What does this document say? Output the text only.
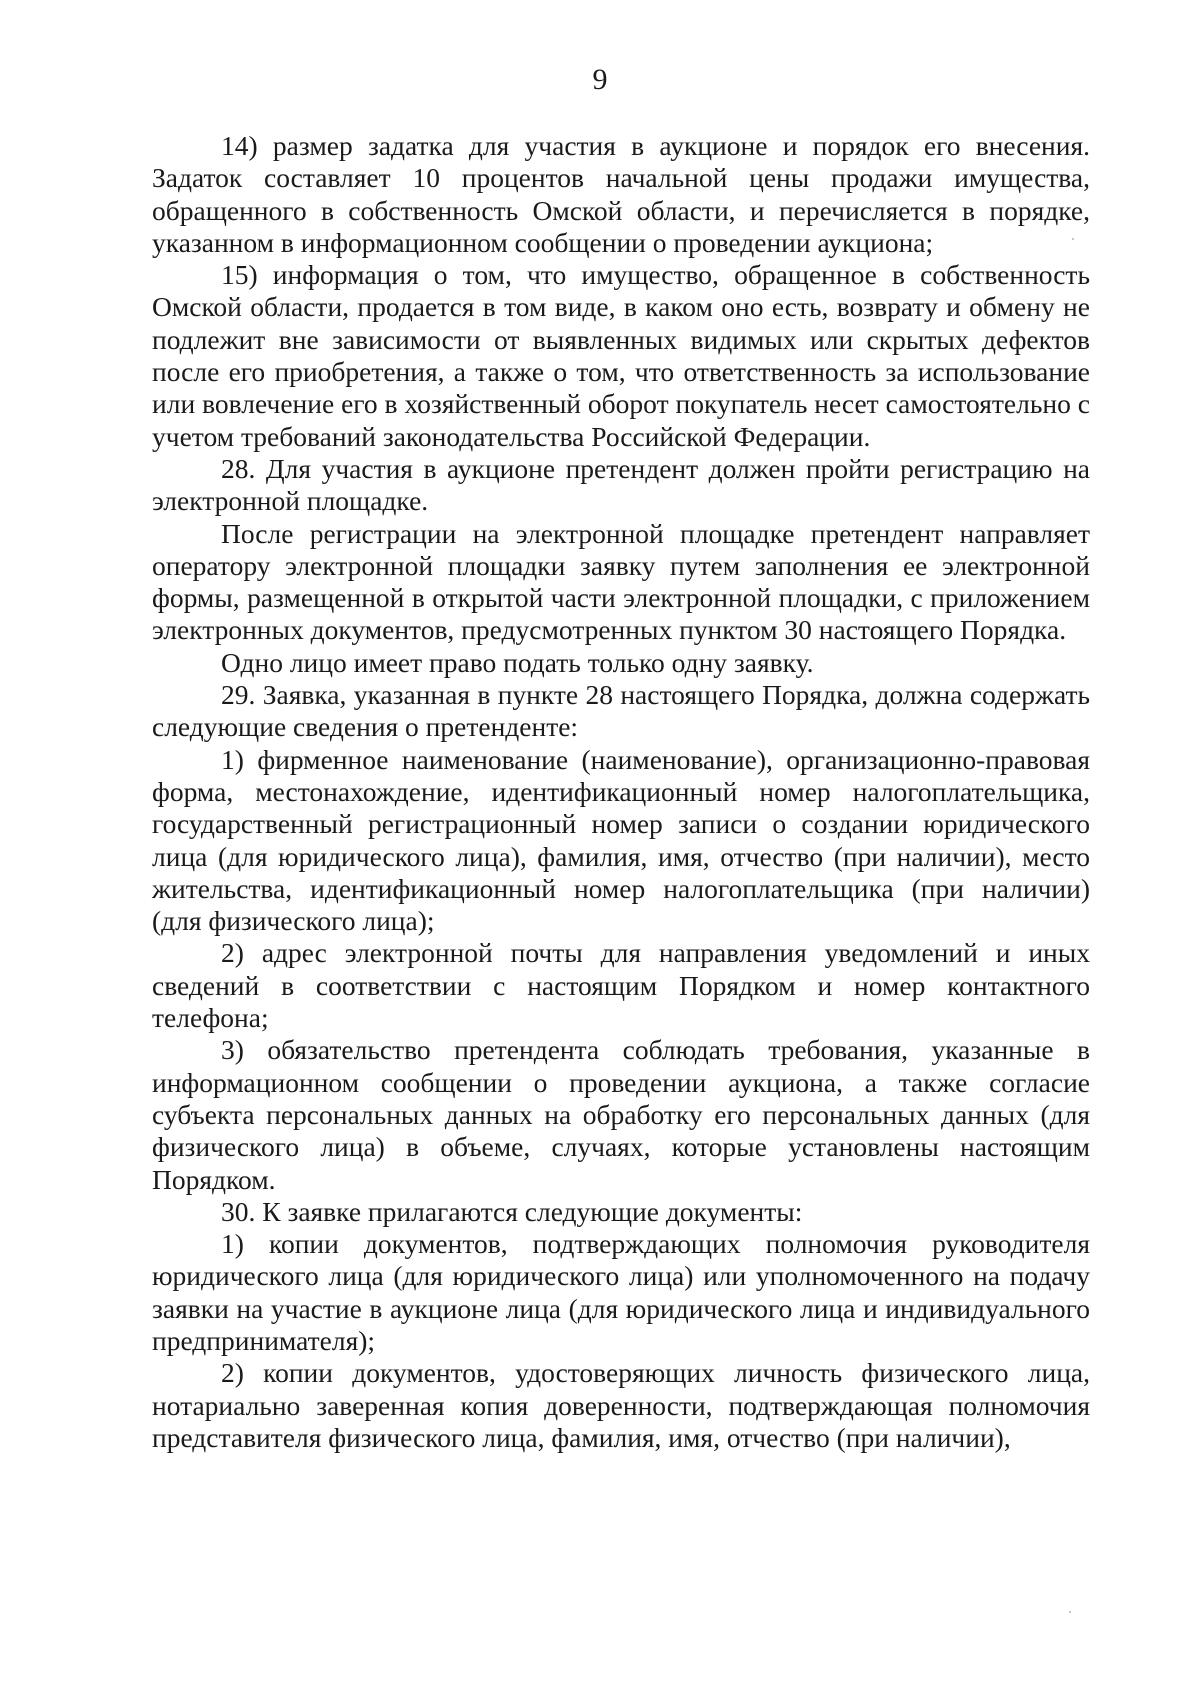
9

14) размер задатка для участия в аукционе и порядок его внесения. Задаток составляет 10 процентов начальной цены продажи имущества, обращенного в собственность Омской области, и перечисляется в порядке, указанном в информационном сообщении о проведении аукциона;

15) информация о том, что имущество, обращенное в собственность Омской области, продается в том виде, в каком оно есть, возврату и обмену не подлежит вне зависимости от выявленных видимых или скрытых дефектов после его приобретения, а также о том, что ответственность за использование или вовлечение его в хозяйственный оборот покупатель несет самостоятельно с учетом требований законодательства Российской Федерации.

28. Для участия в аукционе претендент должен пройти регистрацию на электронной площадке.

После регистрации на электронной площадке претендент направляет оператору электронной площадки заявку путем заполнения ее электронной формы, размещенной в открытой части электронной площадки, с приложением электронных документов, предусмотренных пунктом 30 настоящего Порядка.

Одно лицо имеет право подать только одну заявку.

29. Заявка, указанная в пункте 28 настоящего Порядка, должна содержать следующие сведения о претенденте:

1) фирменное наименование (наименование), организационно-правовая форма, местонахождение, идентификационный номер налогоплательщика, государственный регистрационный номер записи о создании юридического лица (для юридического лица), фамилия, имя, отчество (при наличии), место жительства, идентификационный номер налогоплательщика (при наличии) (для физического лица);

2) адрес электронной почты для направления уведомлений и иных сведений в соответствии с настоящим Порядком и номер контактного телефона;

3) обязательство претендента соблюдать требования, указанные в информационном сообщении о проведении аукциона, а также согласие субъекта персональных данных на обработку его персональных данных (для физического лица) в объеме, случаях, которые установлены настоящим Порядком.

30. К заявке прилагаются следующие документы:

1) копии документов, подтверждающих полномочия руководителя юридического лица (для юридического лица) или уполномоченного на подачу заявки на участие в аукционе лица (для юридического лица и индивидуального предпринимателя);

2) копии документов, удостоверяющих личность физического лица, нотариально заверенная копия доверенности, подтверждающая полномочия представителя физического лица, фамилия, имя, отчество (при наличии),
